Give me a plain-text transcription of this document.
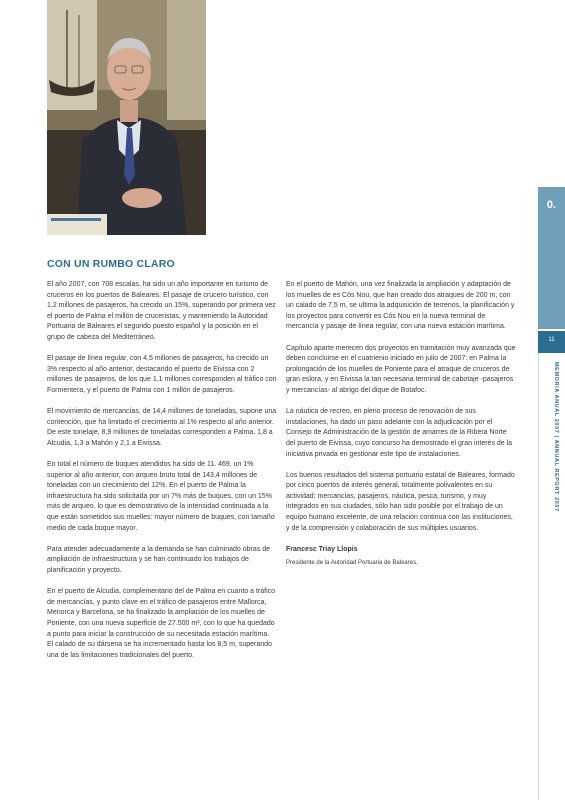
CON UN RUMBO CLARO

El año 2007, con 708 escalas, ha sido un año importante en turismo de cruceros en los puertos de Baleares. El pasaje de crucero turístico, con 1,2 millones de pasajeros, ha crecido un 15%, superando por primera vez el puerto de Palma el millón de cruceristas, y manteniendo la Autoridad Portuaria de Baleares el segundo puesto español y la posición en el grupo de cabeza del Mediterráneo.

El pasaje de línea regular, con 4,5 millones de pasajeros, ha crecido un 3% respecto al año anterior, destacando el puerto de Eivissa con 2 millones de pasajeros, de los que 1,1 millones corresponden al tráfico con Formentera, y el puerto de Palma con 1 millón de pasajeros.

El movimiento de mercancías, de 14,4 millones de toneladas, supone una contención, que ha limitado el crecimiento al 1% respecto al año anterior. De este tonelaje, 8,9 millones de toneladas corresponden a Palma, 1,8 a Alcudia, 1,3 a Mahón y 2,1 a Eivissa.

En total el número de buques atendidos ha sido de 11. 469, un 1% superior al año anterior, con arqueo bruto total de 143,4 millones de toneladas con un crecimiento del 12%. En el puerto de Palma la infraestructura ha sido solicitada por un 7% más de buques, con un 15% más de arqueo, lo que es demostrativo de la intensidad continuada a la que están sometidos sus muelles: mayor número de buques, con tamaño medio de cada buque mayor.

Para atender adecuadamente a la demanda se han culminado obras de ampliación de infraestructura y se han continuado los trabajos de planificación y proyecto.

En el puerto de Alcudia, complementario del de Palma en cuanto a tráfico de mercancías, y punto clave en el tráfico de pasajeros entre Mallorca, Menorca y Barcelona, se ha finalizado la ampliación de los muelles de Poniente, con una nueva superficie de 27.500 m², con lo que ha quedado a punto para iniciar la construcción de su necesitada estación marítima. El calado de su dársena se ha incrementado hasta los 8,5 m, superando una de las limitaciones tradicionales del puerto.

En el puerto de Mahón, una vez finalizada la ampliación y adaptación de los muelles de es Cós Nou, que han creado dos atraques de 200 m, con un calado de 7,5 m, se ultima la adquisición de terrenos, la planificación y los proyectos para convertir es Cós Nou en la nueva terminal de mercancía y pasaje de línea regular, con una nueva estación marítima.

Capítulo aparte merecen dos proyectos en tramitación muy avanzada que deben concluirse en el cuatrienio iniciado en julio de 2007: en Palma la prolongación de los muelles de Poniente para el atraque de cruceros de gran eslora, y en Eivissa la tan necesaria terminal de cabotaje -pasajeros y mercancías- al abrigo del dique de Botafoc.

La náutica de recreo, en pleno proceso de renovación de sus instalaciones, ha dado un paso adelante con la adjudicación por el Consejo de Administración de la gestión de amarres de la Ribera Norte del puerto de Eivissa, cuyo concurso ha demostrado el gran interés de la iniciativa privada en gestionar este tipo de instalaciones.

Los buenos resultados del sistema portuario estatal de Baleares, formado por cinco puertos de interés general, totalmente polivalentes en su actividad: mercancías, pasajeros, náutica, pesca, turismo, y muy integrados en sus ciudades, sólo han sido posible por el trabajo de un equipo humano excelente, de una relación continua con las instituciones, y de la comprensión y colaboración de sus múltiples usuarios.

Francesc Triay Llopis
Presidente de la Autoridad Portuaria de Baleares.
0.
11
MEMORIA ANUAL 2007 | ANNUAL REPORT 2007
